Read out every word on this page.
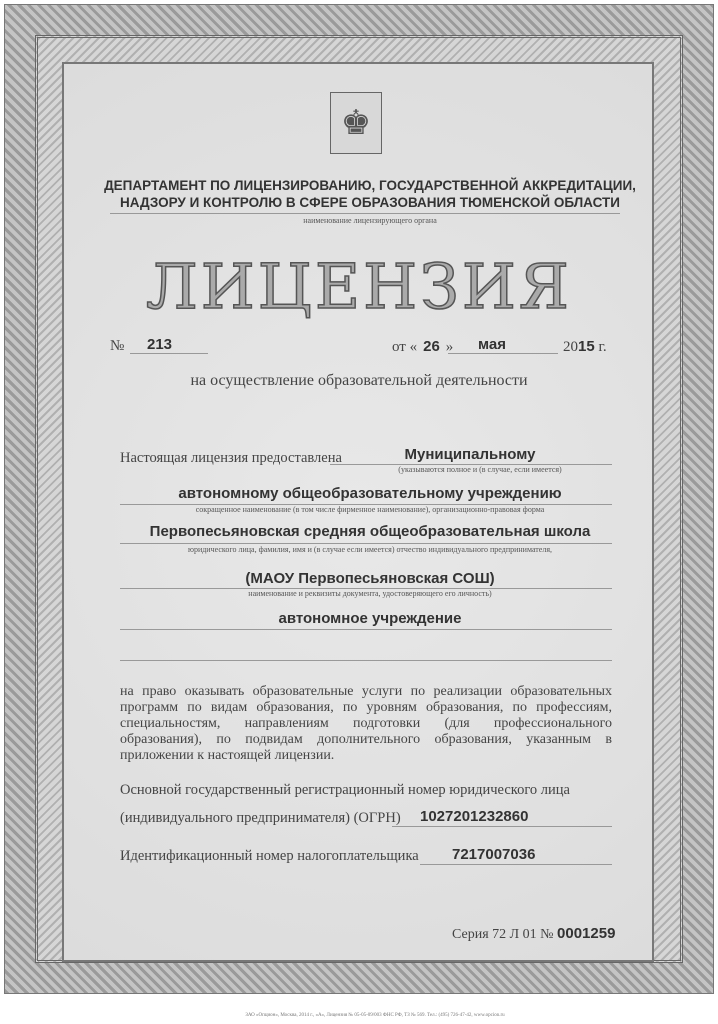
♚
ДЕПАРТАМЕНТ ПО ЛИЦЕНЗИРОВАНИЮ, ГОСУДАРСТВЕННОЙ АККРЕДИТАЦИИ,
НАДЗОРУ И КОНТРОЛЮ В СФЕРЕ ОБРАЗОВАНИЯ ТЮМЕНСКОЙ ОБЛАСТИ
наименование лицензирующего органа
ЛИЦЕНЗИЯ
№ 213	от « 26 » мая	2015 г.
на осуществление образовательной деятельности
Настоящая лицензия предоставлена	Муниципальному
(указываются полное и (в случае, если имеется)
автономному общеобразовательному учреждению
сокращенное наименование (в том числе фирменное наименование), организационно-правовая форма
Первопесьяновская средняя общеобразовательная школа
юридического лица, фамилия, имя и (в случае если имеется) отчество индивидуального предпринимателя,
(МАОУ Первопесьяновская СОШ)
наименование и реквизиты документа, удостоверяющего его личность)
автономное учреждение
на право оказывать образовательные услуги по реализации образовательных программ по видам образования, по уровням образования, по профессиям, специальностям, направлениям подготовки (для профессионального образования), по подвидам дополнительного образования, указанным в приложении к настоящей лицензии.
Основной государственный регистрационный номер юридического лица
(индивидуального предпринимателя) (ОГРН) 1027201232860
Идентификационный номер налогоплательщика 7217007036
Серия 72 Л 01 № 0001259
ЗАО «Опцион», Москва, 2014 г., «А», Лицензия № 05-05-09/003 ФНС РФ, ТЗ № 569. Тел.: (495) 726-47-42, www.opcion.ru
